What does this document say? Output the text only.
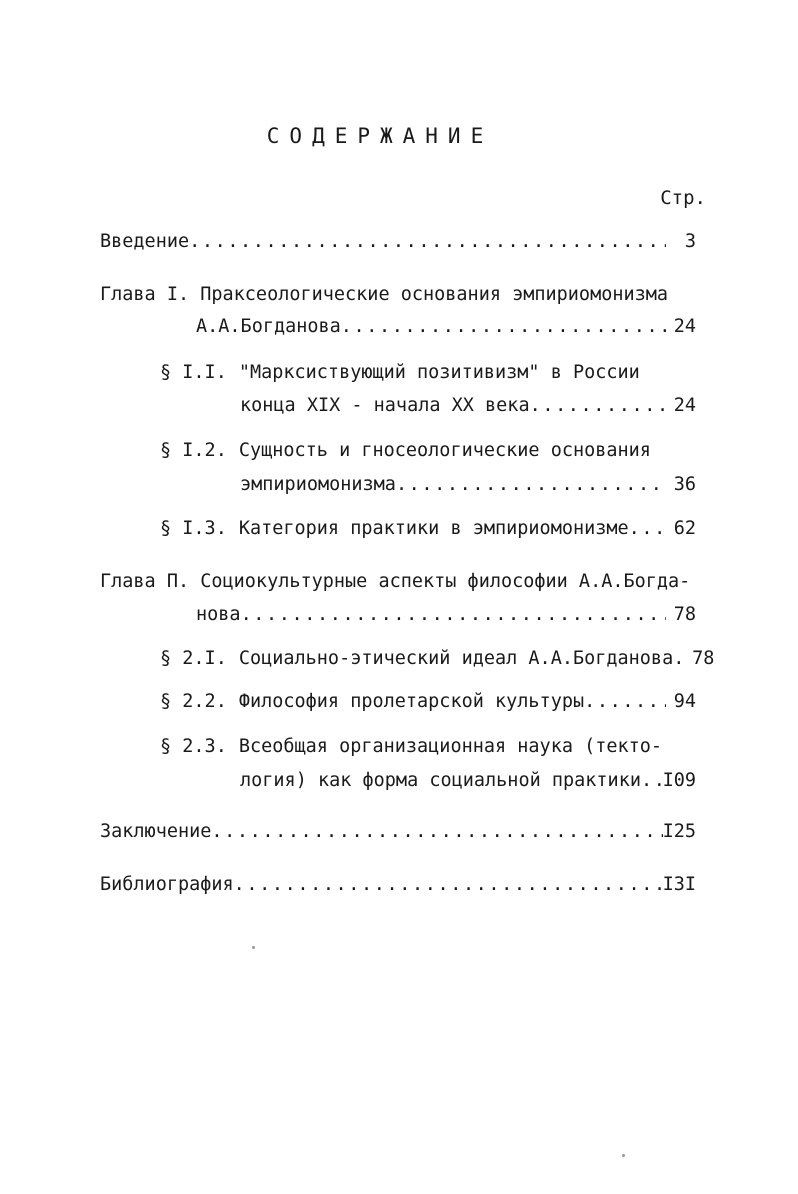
СОДЕРЖАНИЕ
Стр.
Введение .....	3
Глава I. Праксеологические основания эмпириомонизма
А.А.Богданова .....	24
§ I.I. "Марксиствующий позитивизм" в России
конца XIX - начала XX века .....	24
§ I.2. Сущность и гносеологические основания
эмпириомонизма .....	36
§ I.3. Категория практики в эмпириомонизме .....	62
Глава П. Социокультурные аспекты философии А.А.Богда-
нова .....	78
§ 2.I. Социально-этический идеал А.А.Богданова. 78
§ 2.2. Философия пролетарской культуры .....	94
§ 2.3. Всеобщая организационная наука (текто-
логия) как форма социальной практики ..... I09
Заключение .....	I25
Библиография .....	I3I
